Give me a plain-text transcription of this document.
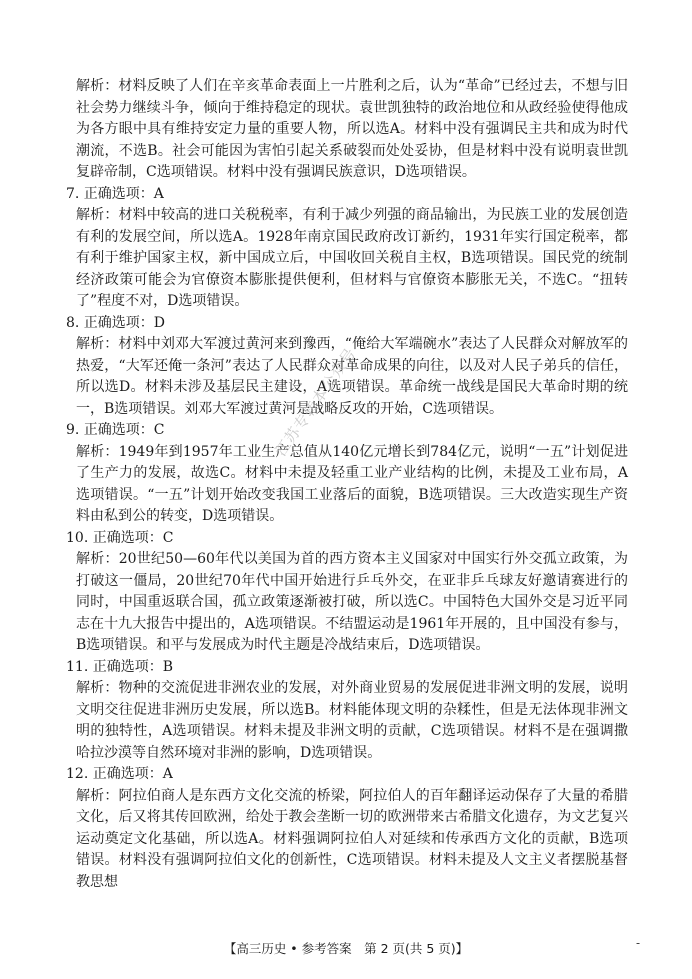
解析：材料反映了人们在辛亥革命表面上一片胜利之后，认为“革命”已经过去，不想与旧社会势力继续斗争，倾向于维持稳定的现状。袁世凯独特的政治地位和从政经验使得他成为各方眼中具有维持安定力量的重要人物，所以选A。材料中没有强调民主共和成为时代潮流，不选B。社会可能因为害怕引起关系破裂而处处妥协，但是材料中没有说明袁世凯复辟帝制，C选项错误。材料中没有强调民族意识，D选项错误。

7. 正确选项：A

解析：材料中较高的进口关税税率，有利于减少列强的商品输出，为民族工业的发展创造有利的发展空间，所以选A。1928年南京国民政府改订新约，1931年实行国定税率，都有利于维护国家主权，新中国成立后，中国收回关税自主权，B选项错误。国民党的统制经济政策可能会为官僚资本膨胀提供便利，但材料与官僚资本膨胀无关，不选C。“扭转了”程度不对，D选项错误。

8. 正确选项：D

解析：材料中刘邓大军渡过黄河来到豫西，“俺给大军端碗水”表达了人民群众对解放军的热爱，“大军还俺一条河”表达了人民群众对革命成果的向往，以及对人民子弟兵的信任，所以选D。材料未涉及基层民主建设，A选项错误。革命统一战线是国民大革命时期的统一，B选项错误。刘邓大军渡过黄河是战略反攻的开始，C选项错误。

9. 正确选项：C

解析：1949年到1957年工业生产总值从140亿元增长到784亿元，说明“一五”计划促进了生产力的发展，故选C。材料中未提及轻重工业产业结构的比例，未提及工业布局，A选项错误。“一五”计划开始改变我国工业落后的面貌，B选项错误。三大改造实现生产资料由私到公的转变，D选项错误。

10. 正确选项：C

解析：20世纪50—60年代以美国为首的西方资本主义国家对中国实行外交孤立政策，为打破这一僵局，20世纪70年代中国开始进行乒乓外交，在亚非乒乓球友好邀请赛进行的同时，中国重返联合国，孤立政策逐渐被打破，所以选C。中国特色大国外交是习近平同志在十九大报告中提出的，A选项错误。不结盟运动是1961年开展的，且中国没有参与，B选项错误。和平与发展成为时代主题是冷战结束后，D选项错误。

11. 正确选项：B

解析：物种的交流促进非洲农业的发展，对外商业贸易的发展促进非洲文明的发展，说明文明交往促进非洲历史发展，所以选B。材料能体现文明的杂糅性，但是无法体现非洲文明的独特性，A选项错误。材料未提及非洲文明的贡献，C选项错误。材料不是在强调撒哈拉沙漠等自然环境对非洲的影响，D选项错误。

12. 正确选项：A

解析：阿拉伯商人是东西方文化交流的桥梁，阿拉伯人的百年翻译运动保存了大量的希腊文化，后又将其传回欧洲，给处于教会垄断一切的欧洲带来古希腊文化遗存，为文艺复兴运动奠定文化基础，所以选A。材料强调阿拉伯人对延续和传承西方文化的贡献，B选项错误。材料没有强调阿拉伯文化的创新性，C选项错误。材料未提及人文主义者摆脱基督教思想

江苏专转本公众号
【高三历史 • 参考答案　第 2 页(共 5 页)】	-
